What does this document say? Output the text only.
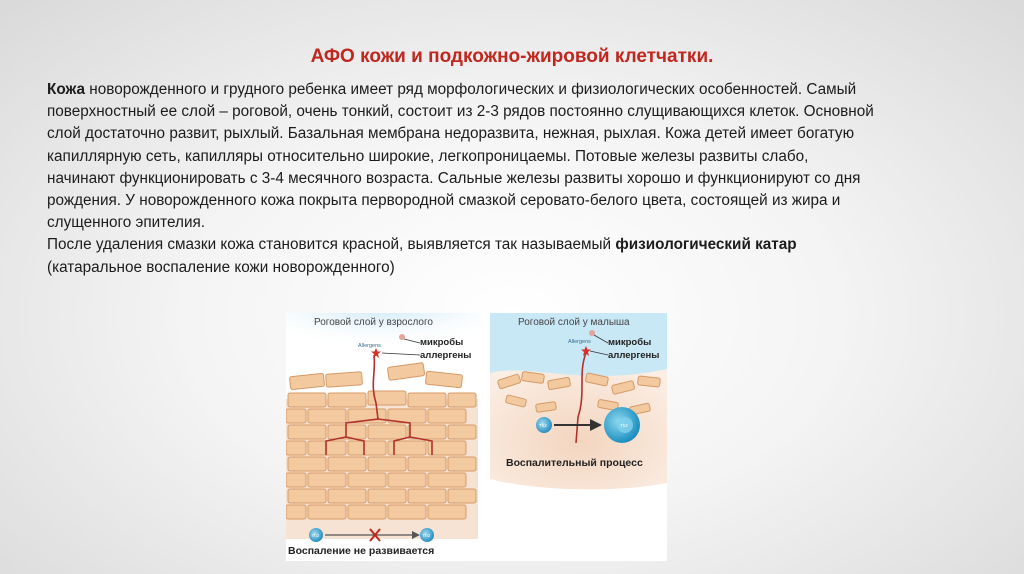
АФО кожи и подкожно-жировой клетчатки.

Кожа новорожденного и грудного ребенка имеет ряд морфологических и физиологических особенностей. Самый поверхностный ее слой – роговой, очень тонкий, состоит из 2-3 рядов постоянно слущивающихся клеток. Основной слой достаточно развит, рыхлый. Базальная мембрана недоразвита, нежная, рыхлая. Кожа детей имеет богатую капиллярную сеть, капилляры относительно широкие, легкопроницаемы. Потовые железы развиты слабо, начинают функционировать с 3-4 месячного возраста. Сальные железы развиты хорошо и функционируют со дня рождения. У новорожденного кожа покрыта первородной смазкой серовато-белого цвета, состоящей из жира и слущенного эпителия.

После удаления смазки кожа становится красной, выявляется так называемый физиологический катар (катаральное воспаление кожи новорожденного)

Allergens
Роговой слой у взрослого
микробы
аллергены
Th2	Th2
Воспаление не развивается
Allergens
Роговой слой у малыша
микробы
аллергены
Th2	Th2
Воспалительный процесс
